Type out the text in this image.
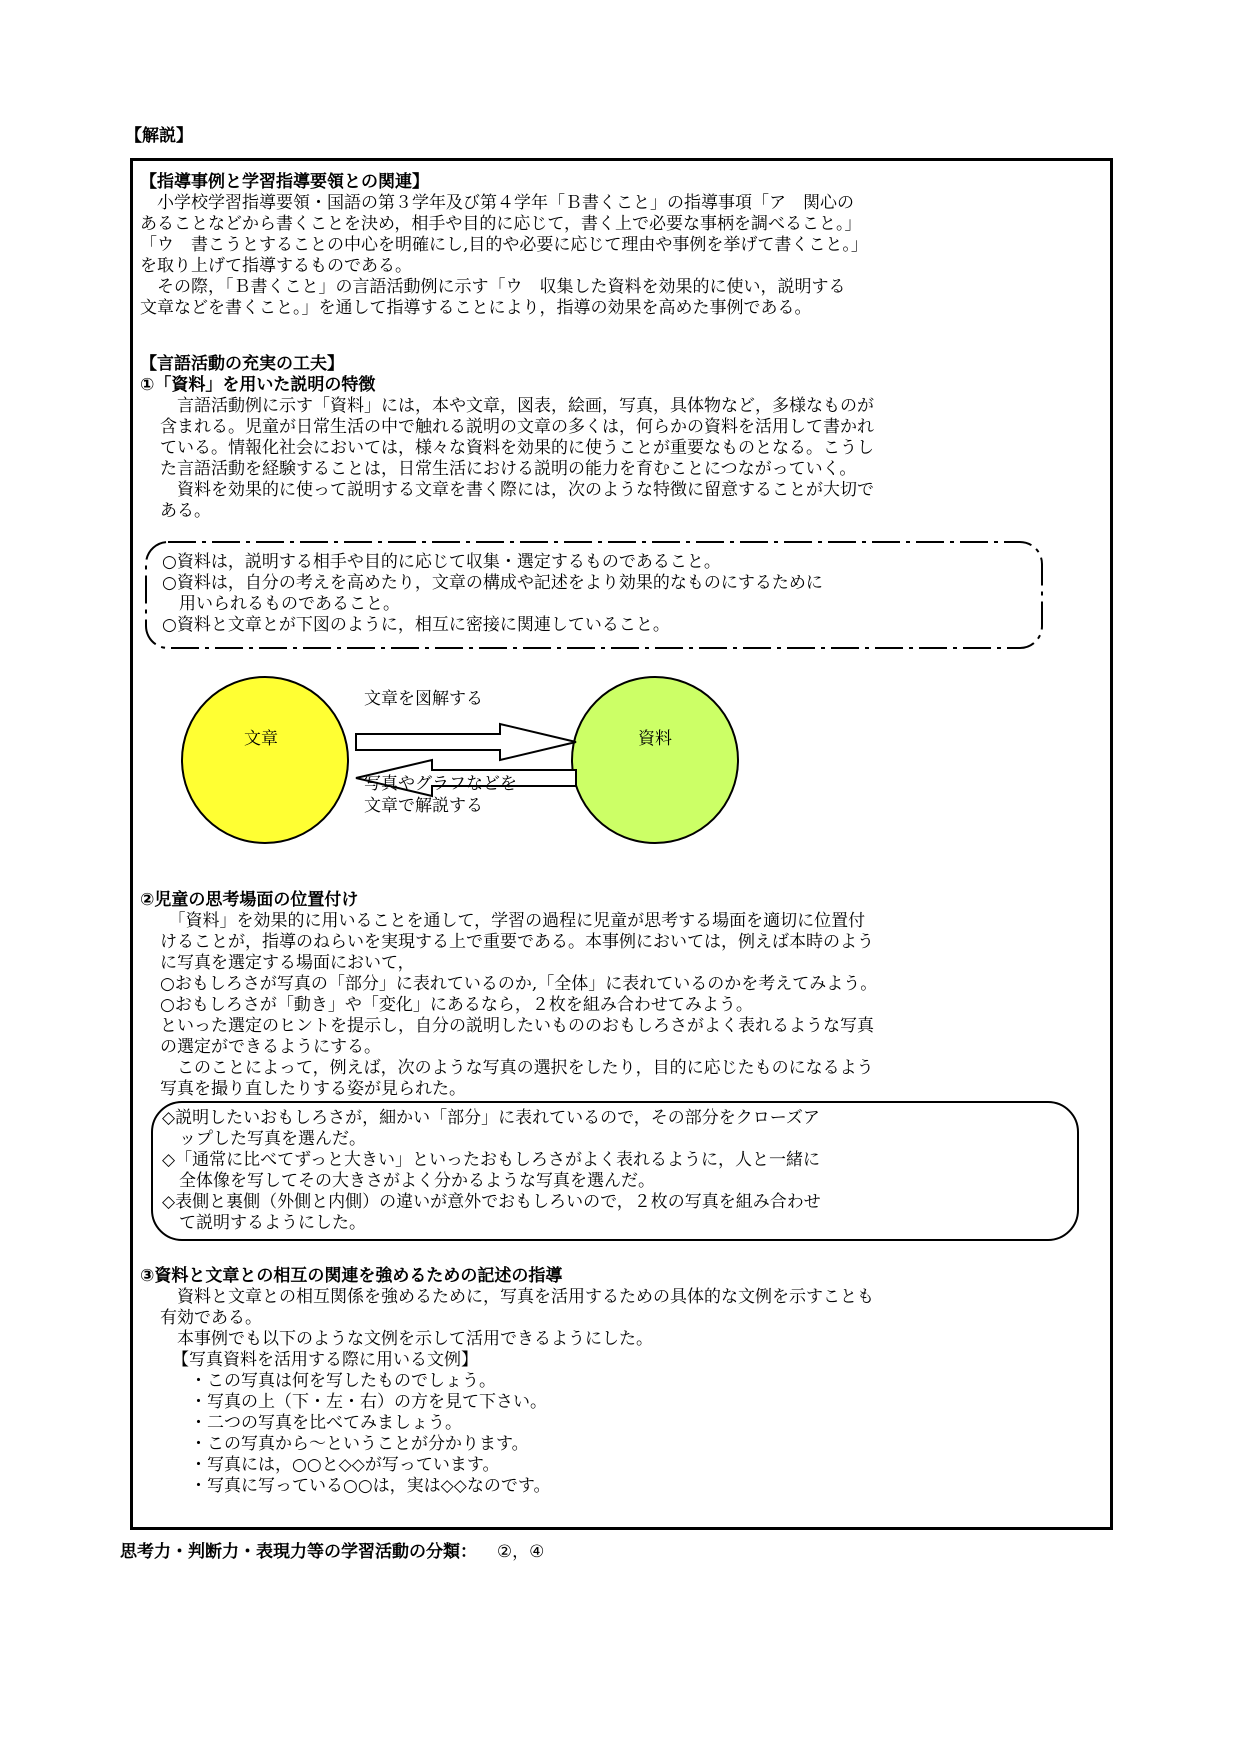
【解説】
【指導事例と学習指導要領との関連】
　小学校学習指導要領・国語の第３学年及び第４学年「Ｂ書くこと」の指導事項「ア　関心の
あることなどから書くことを決め，相手や目的に応じて，書く上で必要な事柄を調べること。」
「ウ　書こうとすることの中心を明確にし,目的や必要に応じて理由や事例を挙げて書くこと。」
を取り上げて指導するものである。
　その際，「Ｂ書くこと」の言語活動例に示す「ウ　収集した資料を効果的に使い，説明する
文章などを書くこと。」を通して指導することにより，指導の効果を高めた事例である。
【言語活動の充実の工夫】
①「資料」を用いた説明の特徴
　言語活動例に示す「資料」には，本や文章，図表，絵画，写真，具体物など，多様なものが
含まれる。児童が日常生活の中で触れる説明の文章の多くは，何らかの資料を活用して書かれ
ている。情報化社会においては，様々な資料を効果的に使うことが重要なものとなる。こうし
た言語活動を経験することは，日常生活における説明の能力を育むことにつながっていく。
　資料を効果的に使って説明する文章を書く際には，次のような特徴に留意することが大切で
ある。
○資料は，説明する相手や目的に応じて収集・選定するものであること。
○資料は，自分の考えを高めたり，文章の構成や記述をより効果的なものにするために
　用いられるものであること。
○資料と文章とが下図のように，相互に密接に関連していること。
文章	資料
文章を図解する
写真やグラフなどを
文章で解説する
②児童の思考場面の位置付け
　「資料」を効果的に用いることを通して，学習の過程に児童が思考する場面を適切に位置付
けることが，指導のねらいを実現する上で重要である。本事例においては，例えば本時のよう
に写真を選定する場面において，
○おもしろさが写真の「部分」に表れているのか,「全体」に表れているのかを考えてみよう。
○おもしろさが「動き」や「変化」にあるなら，２枚を組み合わせてみよう。
といった選定のヒントを提示し，自分の説明したいもののおもしろさがよく表れるような写真
の選定ができるようにする。
　このことによって，例えば，次のような写真の選択をしたり，目的に応じたものになるよう
写真を撮り直したりする姿が見られた。
◇説明したいおもしろさが，細かい「部分」に表れているので，その部分をクローズア
　ップした写真を選んだ。
◇「通常に比べてずっと大きい」といったおもしろさがよく表れるように，人と一緒に
　全体像を写してその大きさがよく分かるような写真を選んだ。
◇表側と裏側（外側と内側）の違いが意外でおもしろいので，２枚の写真を組み合わせ
　て説明するようにした。
③資料と文章との相互の関連を強めるための記述の指導
　資料と文章との相互関係を強めるために，写真を活用するための具体的な文例を示すことも
有効である。
　本事例でも以下のような文例を示して活用できるようにした。
【写真資料を活用する際に用いる文例】
・この写真は何を写したものでしょう。
・写真の上（下・左・右）の方を見て下さい。
・二つの写真を比べてみましょう。
・この写真から～ということが分かります。
・写真には，○○と◇◇が写っています。
・写真に写っている○○は，実は◇◇なのです。
思考力・判断力・表現力等の学習活動の分類： ②，④
